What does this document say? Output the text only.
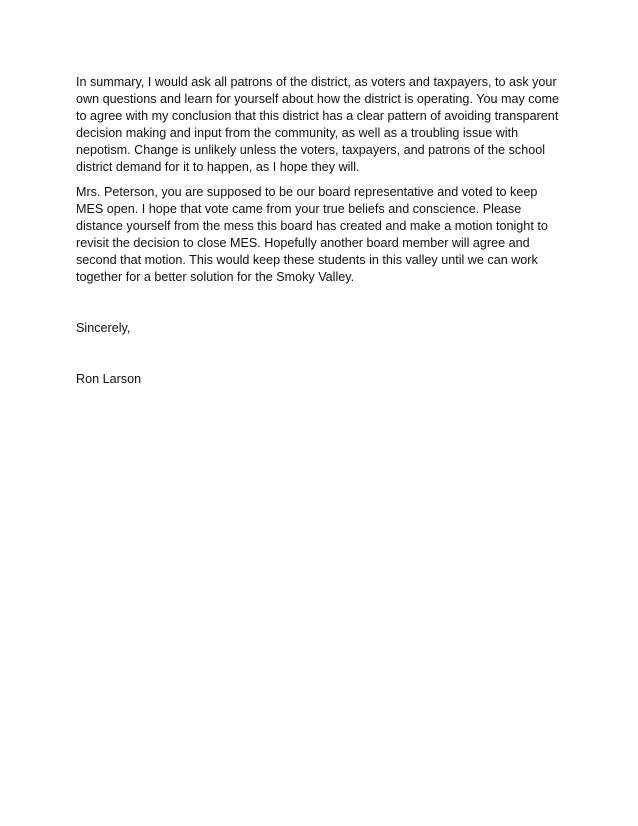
In summary, I would ask all patrons of the district, as voters and taxpayers, to ask your
own questions and learn for yourself about how the district is operating. You may come
to agree with my conclusion that this district has a clear pattern of avoiding transparent
decision making and input from the community, as well as a troubling issue with
nepotism. Change is unlikely unless the voters, taxpayers, and patrons of the school
district demand for it to happen, as I hope they will.

Mrs. Peterson, you are supposed to be our board representative and voted to keep
MES open. I hope that vote came from your true beliefs and conscience. Please
distance yourself from the mess this board has created and make a motion tonight to
revisit the decision to close MES. Hopefully another board member will agree and
second that motion. This would keep these students in this valley until we can work
together for a better solution for the Smoky Valley.

Sincerely,

Ron Larson
